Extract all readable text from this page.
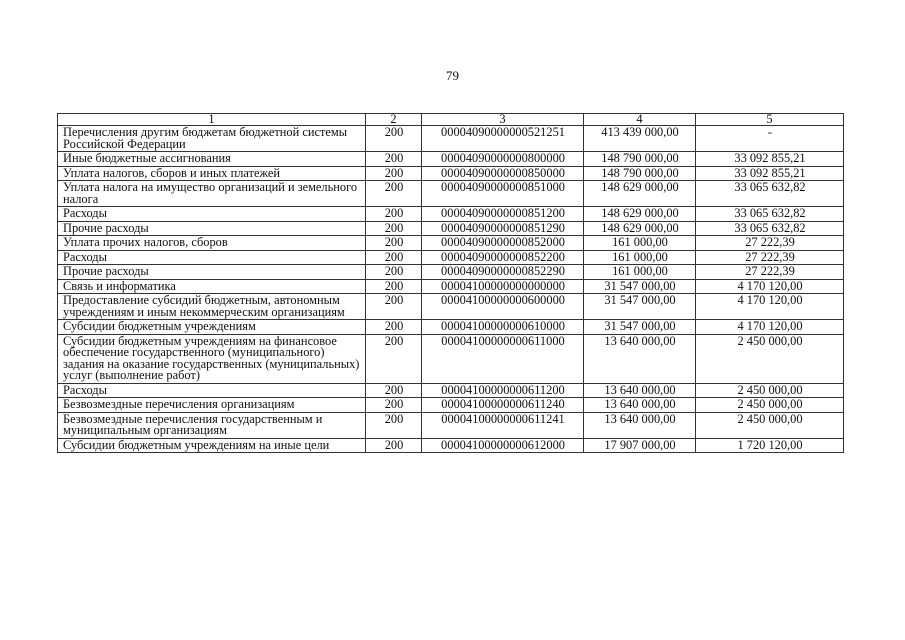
79
1	2	3	4	5
Перечисления другим бюджетам бюджетной системы Российской Федерации	200	00004090000000521251	413 439 000,00	-
Иные бюджетные ассигнования	200	00004090000000800000	148 790 000,00	33 092 855,21
Уплата налогов, сборов и иных платежей	200	00004090000000850000	148 790 000,00	33 092 855,21
Уплата налога на имущество организаций и земельного налога	200	00004090000000851000	148 629 000,00	33 065 632,82
Расходы	200	00004090000000851200	148 629 000,00	33 065 632,82
Прочие расходы	200	00004090000000851290	148 629 000,00	33 065 632,82
Уплата прочих налогов, сборов	200	00004090000000852000	161 000,00	27 222,39
Расходы	200	00004090000000852200	161 000,00	27 222,39
Прочие расходы	200	00004090000000852290	161 000,00	27 222,39
Связь и информатика	200	00004100000000000000	31 547 000,00	4 170 120,00
Предоставление субсидий бюджетным, автономным учреждениям и иным некоммерческим организациям	200	00004100000000600000	31 547 000,00	4 170 120,00
Субсидии бюджетным учреждениям	200	00004100000000610000	31 547 000,00	4 170 120,00
Субсидии бюджетным учреждениям на финансовое обеспечение государственного (муниципального) задания на оказание государственных (муниципальных) услуг (выполнение работ)	200	00004100000000611000	13 640 000,00	2 450 000,00
Расходы	200	00004100000000611200	13 640 000,00	2 450 000,00
Безвозмездные перечисления организациям	200	00004100000000611240	13 640 000,00	2 450 000,00
Безвозмездные перечисления государственным и муниципальным организациям	200	00004100000000611241	13 640 000,00	2 450 000,00
Субсидии бюджетным учреждениям на иные цели	200	00004100000000612000	17 907 000,00	1 720 120,00
